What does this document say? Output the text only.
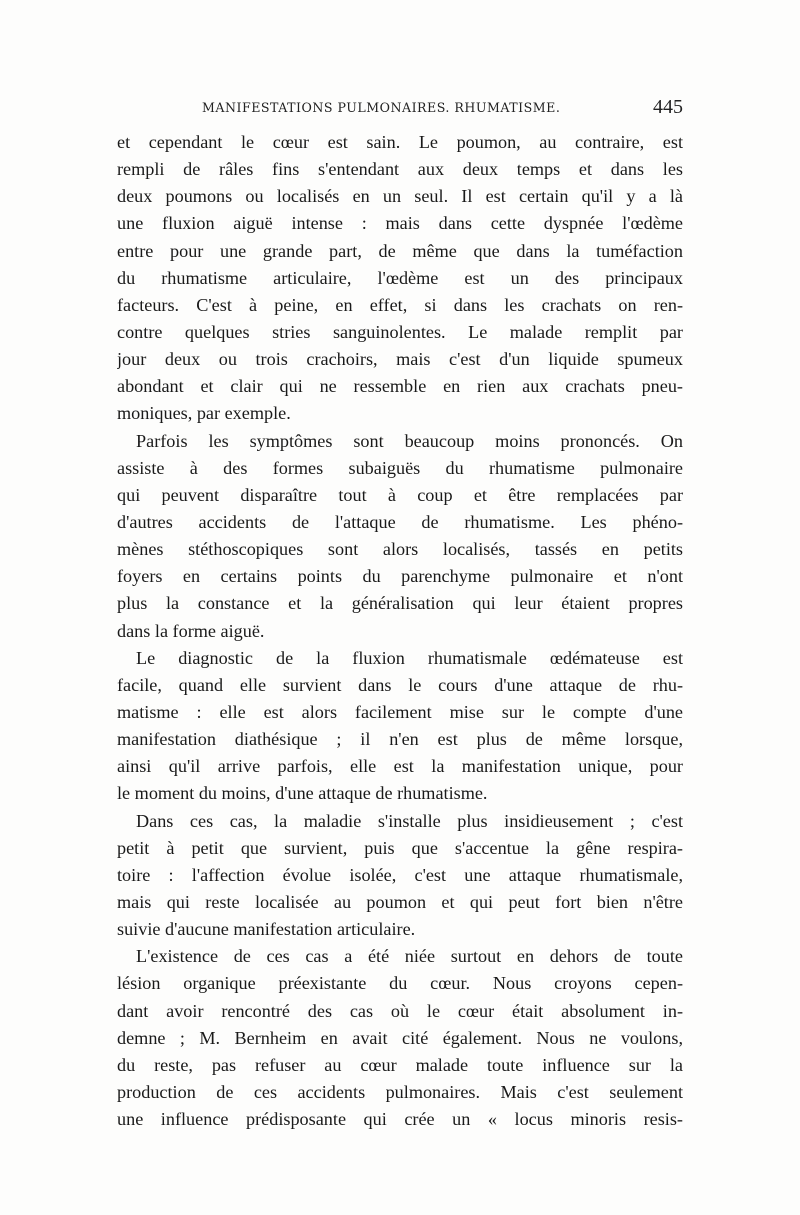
MANIFESTATIONS PULMONAIRES. RHUMATISME.	445
et cependant le cœur est sain. Le poumon, au contraire, est
rempli de râles fins s'entendant aux deux temps et dans les
deux poumons ou localisés en un seul. Il est certain qu'il y a là
une fluxion aiguë intense : mais dans cette dyspnée l'œdème
entre pour une grande part, de même que dans la tuméfaction
du rhumatisme articulaire, l'œdème est un des principaux
facteurs. C'est à peine, en effet, si dans les crachats on ren-
contre quelques stries sanguinolentes. Le malade remplit par
jour deux ou trois crachoirs, mais c'est d'un liquide spumeux
abondant et clair qui ne ressemble en rien aux crachats pneu-
moniques, par exemple.
Parfois les symptômes sont beaucoup moins prononcés. On
assiste à des formes subaiguës du rhumatisme pulmonaire
qui peuvent disparaître tout à coup et être remplacées par
d'autres accidents de l'attaque de rhumatisme. Les phéno-
mènes stéthoscopiques sont alors localisés, tassés en petits
foyers en certains points du parenchyme pulmonaire et n'ont
plus la constance et la généralisation qui leur étaient propres
dans la forme aiguë.
Le diagnostic de la fluxion rhumatismale œdémateuse est
facile, quand elle survient dans le cours d'une attaque de rhu-
matisme : elle est alors facilement mise sur le compte d'une
manifestation diathésique ; il n'en est plus de même lorsque,
ainsi qu'il arrive parfois, elle est la manifestation unique, pour
le moment du moins, d'une attaque de rhumatisme.
Dans ces cas, la maladie s'installe plus insidieusement ; c'est
petit à petit que survient, puis que s'accentue la gêne respira-
toire : l'affection évolue isolée, c'est une attaque rhumatismale,
mais qui reste localisée au poumon et qui peut fort bien n'être
suivie d'aucune manifestation articulaire.
L'existence de ces cas a été niée surtout en dehors de toute
lésion organique préexistante du cœur. Nous croyons cepen-
dant avoir rencontré des cas où le cœur était absolument in-
demne ; M. Bernheim en avait cité également. Nous ne voulons,
du reste, pas refuser au cœur malade toute influence sur la
production de ces accidents pulmonaires. Mais c'est seulement
une influence prédisposante qui crée un « locus minoris resis-
